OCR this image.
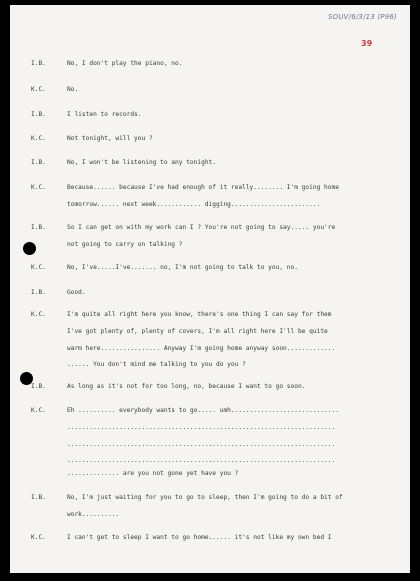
SOUV/6/3/13 (P96)
39
I.B.	No, I don't play the piano, no.
K.C.	No.
I.B.	I listen to records.
K.C.	Not tonight, will you ?
I.B.	No, I won't be listening to any tonight.
K.C.	Because...... because I've had enough of it really........ I'm going home
tomorrow...... next week............ digging........................
I.B.	So I can get on with my work can I ? You're not going to say..... you're
not going to carry on talking ?
K.C.	No, I've.....I've....... no, I'm not going to talk to you, no.
I.B.	Good.
K.C.	I'm quite all right here you know, there's one thing I can say for them
I've got plenty of, plenty of covers, I'm all right here I'll be quite
warm here................ Anyway I'm going home anyway soon.............
...... You don't mind me talking to you do you ?
I.B.	As long as it's not for too long, no, because I want to go soon.
K.C.	Eh .......... everybody wants to go..... umh.............................
........................................................................
........................................................................
........................................................................
.............. are you not gone yet have you ?
I.B.	No, I'm just waiting for you to go to sleep, then I'm going to do a bit of
work..........
K.C.	I can't get to sleep I want to go home...... it's not like my own bed I
